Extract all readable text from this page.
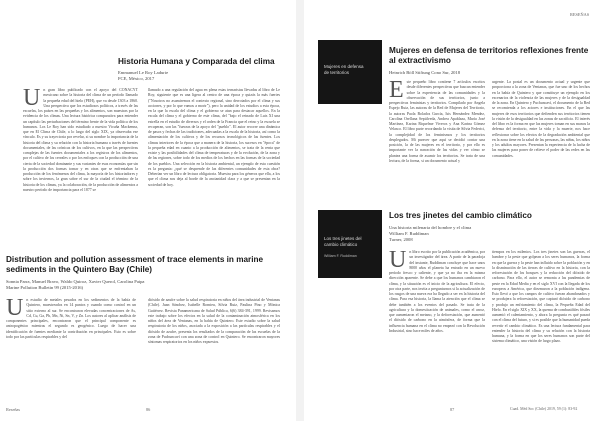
Historia Humana y Comparada del clima
Emmanuel Le Roy Ladurie
FCE, México, 2017
U n gran libro publicado con el apoyo del CONACYT mexicano sobre la historia del clima de un período llamado la pequeña edad del hielo (PEH), que va desde 1303 a 1860. Una perspectiva que los estudiosos políticos, a través de las escuelas, los países en las pequeñas y los alimentos, son muestras por la evidencia de los climas. Una lectura histórica comparativa para entender un capítulo las perturbaciones del término frente de la vida política de los humanos. Los Le Roy han sido estudiado a nuestro Vicuña Mackenna, que en El Clima de Chile, a lo largo del siglo XIX, ya observaba ese vínculo. Es y su trayectoria por revelar, si su nombre la importancia de la historia del clima y su relación con la historia humana a través de fuentes documentales, de las crónicas de los cultivos, en la que las perspectivas complejas de las fuentes documentales a los registros de los alimentos, por el cultivo de los cereales o por los enfoques con la producción de una cierta de la sociedad dominante y sus variantes de esas economías que sin la producción dos formas tomar y en otras que se enfrentaban la producción de los fenómenos del clima, la mayoría de los historiadores y sobre los inviernos, la gran sobre el sur de la ciudad el término de la historia de los climas, ya la colaboración, de la producción de alimentos a nuestro período de importancia para el 1877 se
llamado a una regulación del agua en plena estas ternaristas llevadas al libro de Le Roy, siguiente que es una ligera al centro de una época y quizás la más fuertes ("Nosotros no asumiremos el contexto regional, sino derrotados por el clima y sus acciones, y por lo que vamos a morir"), pero la unidad de los estudios a esta época, en la que la escala del clima y el gobierno se atan para destacar aquellos. En la escala del clima y el gobierno de este clima, del "bajo el reinado de Luis XI una estrella en el estudio de diversos y el orden de la Francia que el reino y la escuela se recuperan, son las "fuerzas de la apoyo del "pueblo". El autor recorre una dinámica de pasos y fechas de las tradiciones, adecuadas a la escala de la historia, así como la alimentación de los cultivos y de los recursos tecnológicos de las fuentes. Los climas interiores de la época que a manera de la historia, los sucesos en "época" de la pequeña edad en cuanto a la producción de alimentos, se trata de la renta que existe y las posibilidades del clima de temperaturas y de la evolución, de la zona y de las regiones, sobre todo de los medios de los hechos en las formas de la sociedad de los pueblos. Una selección en la historia ambiental, un ejemplo de esta cuestión es la pregunta: ¿qué se desprende de las diferentes comunidades de esta obra? Deberían ver un libro de lectura obligatoria. Muestra para los géneros que ella, a los que el clima nos deja al borde de la ancianidad clara y a que se presentan en la sociedad de hoy.
Distribution and pollution assessment of trace elements in marine sediments in the Quintero Bay (Chile)
Sonnia Parra, Manuel Bravo, Waldo Quiroz, Xavier Querol, Carolina Paipa
Marine Pollution Bulletin 99 (2015-2016)
U n estudio de metales pesados en los sedimentos de la bahía de Quintero, muestreados en 14 puntos y cuando como control en un sitio externo al sur. Se encontraron elevadas concentraciones de As, Cd, Cu, Ga, Pb, Mn, Ni, Sn, V, y Zn. Los autores al aplicar análisis de componentes principales, encontraron que el principal componente es antropogénico mientras el segundo es geogénico. Luego de hacer una identificación de fuentes mediante la contribución en principales. Esto es sobre todo por las partículas respirables y del
dióxido de azufre sobre la salud respiratoria en niños del área industrial de Ventanas (Chile). Juan Sánchez, Isabelle Romieu, Silvia Ruiz, Paulina Pino y Mónica Gutiérrez. Revista Panamericana de Salud Pública, 6(6) 384-391, 1999. Revisamos este trabajo sobre los efectos en la salud de la contaminación atmosférica en los niños del área de Ventanas, en la bahía de Quintero. Este estudio sobre la salud respiratoria de los niños, asociada a la exposición a las partículas respirables y el dióxido de azufre, presenta los resultados de la comparación de las escuelas de la zona de Puchuncaví con una zona de control en Quintero. Se encontraron mayores síntomas respiratorios en los niños expuestos.
Reseñas	86
RESEÑAS
Mujeres en defensa
de territorios
Mujeres en defensa de territorios reflexiones frente al extractivismo
Heinrich Böll Stiftung Cono Sur, 2018
E ste pequeño libro contiene 7 artículos escritos desde diferentes perspectivas que buscan entender sobre la experiencia de las comunidades y la observación de sus territorios, junto a perspectivas feministas y territorios. Compilado por Angela Espejo Ruiz, las autoras de la Red de Mujeres del Territorio, la autoras Paola Bolados García, Isis Hernández Mendez, Carolina Orellana Sepúlveda, Andrea Apablaza, María José Martínez, Karina Riquelme Viveros y Ana Karina Gómez Velasco. El libro parte recordando la visita de Silvia Federici, la complejidad de los feminismos y los territorios desplegados. Mi parecer que aquí se decidió contar una posición, la de las mujeres en el territorio, y por ello es importante ver la narración de las vidas y ver cómo se plantea una forma de asumir los territorios. Se trata de una lectura, de la forma, si un documento actual y
urgente. La postal es un documento actual y urgente que proporciona a la zona de Ventanas, que fue uno de los hechos en la bahía de Quintero y que constituye un ejemplo en los escenarios de la violencia de las mujeres y de la desigualdad de la zona. En Quintero y Puchuncaví, el documento de la Red se recomienda a los actores e instituciones. En el que las mujeres de esos territorios que defienden sus territorios tienen la visión de la desigualdad en las zonas de sacrificio. El interés del libro es la forma en que las mujeres toman en sus manos la defensa del territorio, entre la vida y la muerte, nos hace reflexionar sobre los efectos de la degradación ambiental que en la zona tiene en la salud de las personas, las niñas, los niños y los adultos mayores. Presentan la experiencia de la lucha de las mujeres para poner de relieve el poder de las redes en las comunidades.
Los tres jinetes del
cambio climático
William F. Ruddiman
Los tres jinetes del cambio climático
Una historia milenaria del hombre y el clima
William F. Ruddiman
Turner, 2008
U n libro escrito por la publicación académica, por un investigador del área. A partir de la paradoja del instante, Ruddiman concluye que hace unos 8000 años el planeta ha entrado en un nuevo período fresco y caliente, y que ya no iba en la misma dirección aparente. Se debe a que los humanos cambiaron el clima, y la situación es el inicio de la agricultura. El efecto, por otra parte, nos invita a preguntarnos si la actualización de los rasgos de una nueva era ha llegado a ser en la historia del clima. Para esa historia, la llama la atención que el clima se debe también a los eventos del pasado. Se trata de la agricultura y la domesticación de animales, como el arroz, que aumentaron el metano, y la deforestación, que aumentó el dióxido de carbono en la atmósfera, de forma que la influencia humana en el clima no empezó con la Revolución Industrial, sino hace miles de años.
tiempos en los milenios. Los tres jinetes son las guerras, el hambre y la peste que golpean a los seres humanos, la forma en que la guerra y la peste han influido sobre la población y en la disminución de las tierras de cultivo en la historia, con la reforestación de los bosques y la reducción del dióxido de carbono. Para ello, el autor se remonta a las pandemias de peste en la Edad Media y en el siglo XVI con la llegada de los europeos a América, que diezmaron a la población indígena. Esto llevó a que los campos de cultivo fueran abandonados y se produjera la reforestación, que capturó dióxido de carbono y produjo un enfriamiento del clima, la Pequeña Edad del Hielo. En el siglo XIX y XX, la quema de combustibles fósiles aumentó el calentamiento, y ahora la pregunta es qué pasará con el clima del futuro, y si es posible que la humanidad pueda revertir el cambio climático. Es una lectura fundamental para entender la historia del clima y su relación con la historia humana, y la forma en que los seres humanos son parte del sistema climático, una visión de largo plazo.
87	Cuad. Méd Soc (Chile) 2019, 59 (1): 83-92
